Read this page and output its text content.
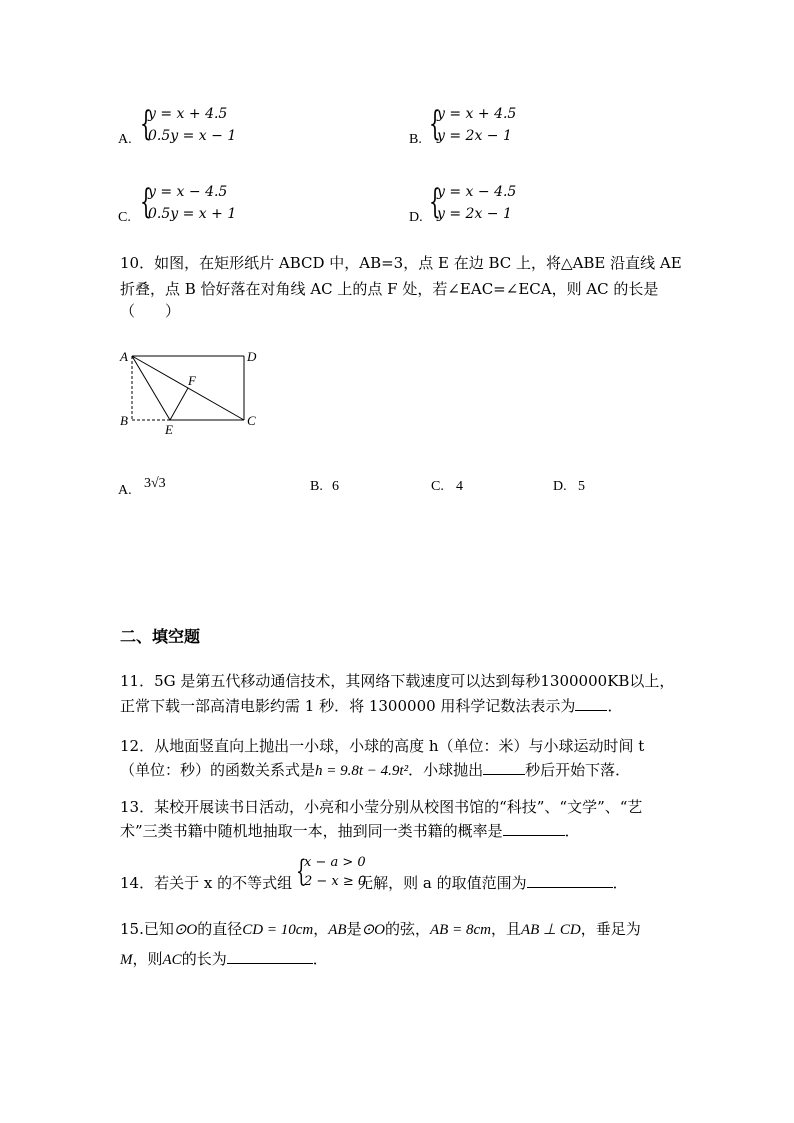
A. {
y = x + 4.5
0.5y = x − 1	B. {
y = x + 4.5
y = 2x − 1
C. {
y = x − 4.5
0.5y = x + 1	D. {
y = x − 4.5
y = 2x − 1
10．如图，在矩形纸片 ABCD 中，AB=3，点 E 在边 BC 上，将△ABE 沿直线 AE
折叠，点 B 恰好落在对角线 AC 上的点 F 处，若∠EAC=∠ECA，则 AC 的长是
（　　）
A	D
B	C
E
F
A. 3√3	B. 6	C. 4	D. 5
二、填空题
11．5G 是第五代移动通信技术，其网络下载速度可以达到每秒1300000KB以上，
正常下载一部高清电影约需 1 秒．将 1300000 用科学记数法表示为 ．
12．从地面竖直向上抛出一小球，小球的高度 h（单位：米）与小球运动时间 t
（单位：秒）的函数关系式是h = 9.8t − 4.9t²．小球抛出	秒后开始下落．
13．某校开展读书日活动，小亮和小莹分别从校图书馆的“科技”、“文学”、“艺
术”三类书籍中随机地抽取一本，抽到同一类书籍的概率是	．
14．若关于 x 的不等式组	无解，则 a 的取值范围为	．
{
x − a > 0
2 − x ≥ 0
15.已知⊙O的直径CD = 10cm，AB是⊙O的弦，AB = 8cm，且AB ⊥ CD，垂足为
M，则AC的长为	．
